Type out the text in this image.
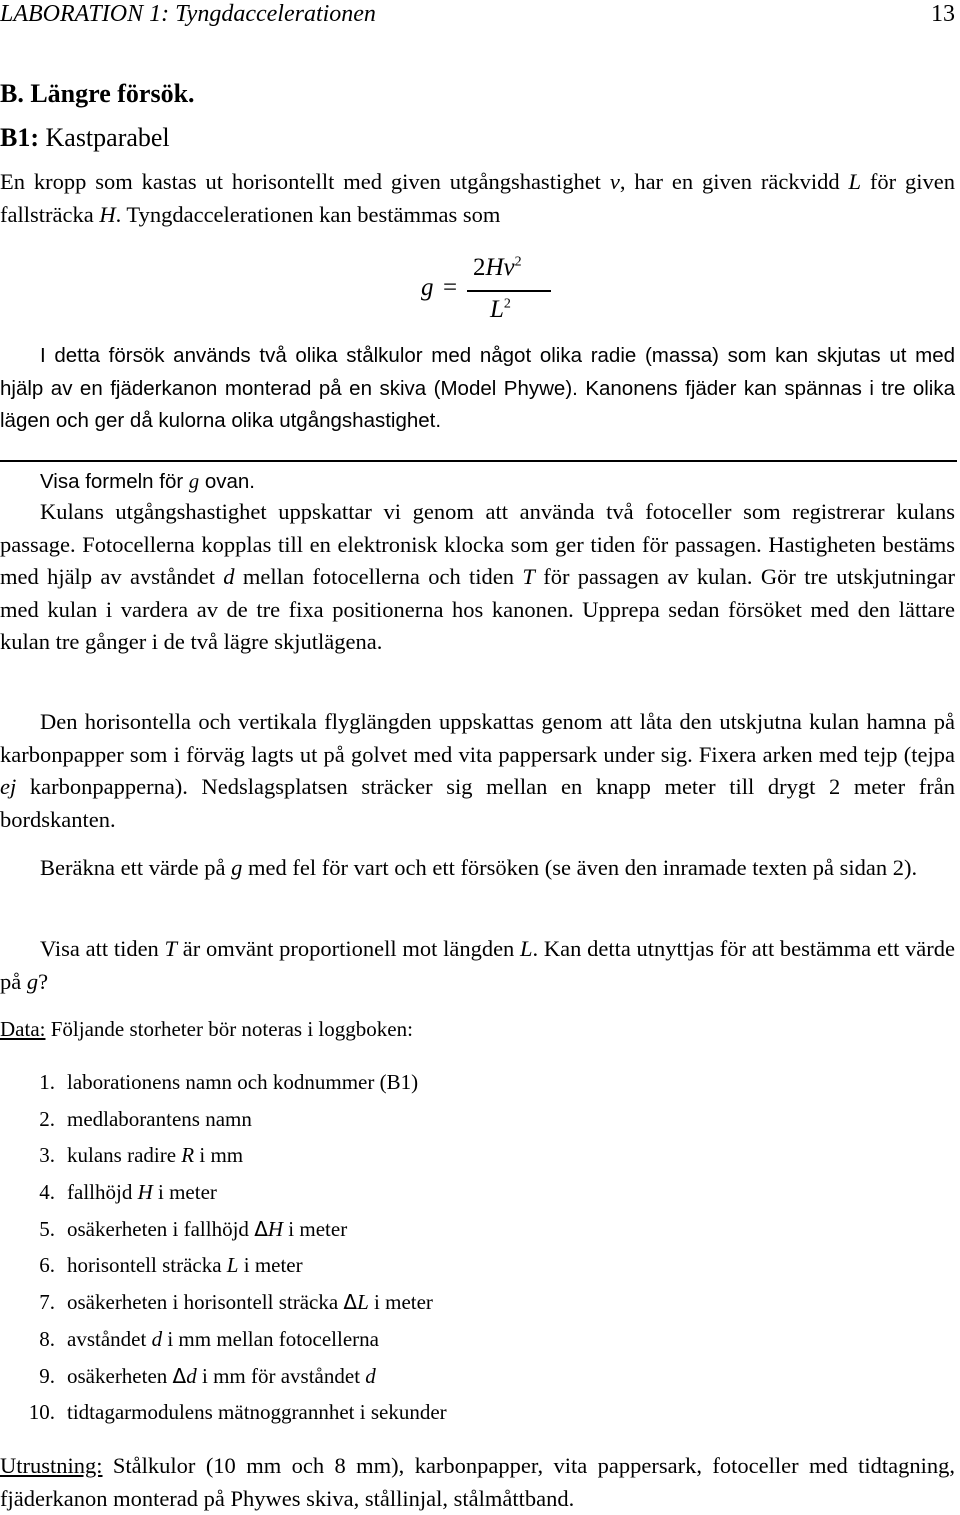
LABORATION 1: Tyngdaccelerationen	13
B. Längre försök.
B1: Kastparabel
En kropp som kastas ut horisontellt med given utgångshastighet v, har en given räckvidd L för given fallsträcka H. Tyngdaccelerationen kan bestämmas som
g =
$2Hv^2$
$L^2$
I detta försök används två olika stålkulor med något olika radie (massa) som kan skjutas ut med hjälp av en fjäderkanon monterad på en skiva (Model Phywe). Kanonens fjäder kan spännas i tre olika lägen och ger då kulorna olika utgångshastighet.
Visa formeln för g ovan.
Kulans utgångshastighet uppskattar vi genom att använda två fotoceller som registrerar kulans passage. Fotocellerna kopplas till en elektronisk klocka som ger tiden för passagen. Hastigheten bestäms med hjälp av avståndet d mellan fotocellerna och tiden T för passagen av kulan. Gör tre utskjutningar med kulan i vardera av de tre fixa positionerna hos kanonen. Upprepa sedan försöket med den lättare kulan tre gånger i de två lägre skjutlägena.
Den horisontella och vertikala flyglängden uppskattas genom att låta den utskjutna kulan hamna på karbonpapper som i förväg lagts ut på golvet med vita pappersark under sig. Fixera arken med tejp (tejpa ej karbonpapperna). Nedslagsplatsen sträcker sig mellan en knapp meter till drygt 2 meter från bordskanten.
Beräkna ett värde på g med fel för vart och ett försöken (se även den inramade texten på sidan 2).
Visa att tiden T är omvänt proportionell mot längden L. Kan detta utnyttjas för att bestämma ett värde på g?
Data: Följande storheter bör noteras i loggboken:
1. laborationens namn och kodnummer (B1)
2. medlaborantens namn
3. kulans radire R i mm
4. fallhöjd H i meter
5. osäkerheten i fallhöjd ΔH i meter
6. horisontell sträcka L i meter
7. osäkerheten i horisontell sträcka ΔL i meter
8. avståndet d i mm mellan fotocellerna
9. osäkerheten Δd i mm för avståndet d
10. tidtagarmodulens mätnoggrannhet i sekunder
Utrustning: Stålkulor (10 mm och 8 mm), karbonpapper, vita pappersark, fotoceller med tidtagning, fjäderkanon monterad på Phywes skiva, stållinjal, stålmåttband.
